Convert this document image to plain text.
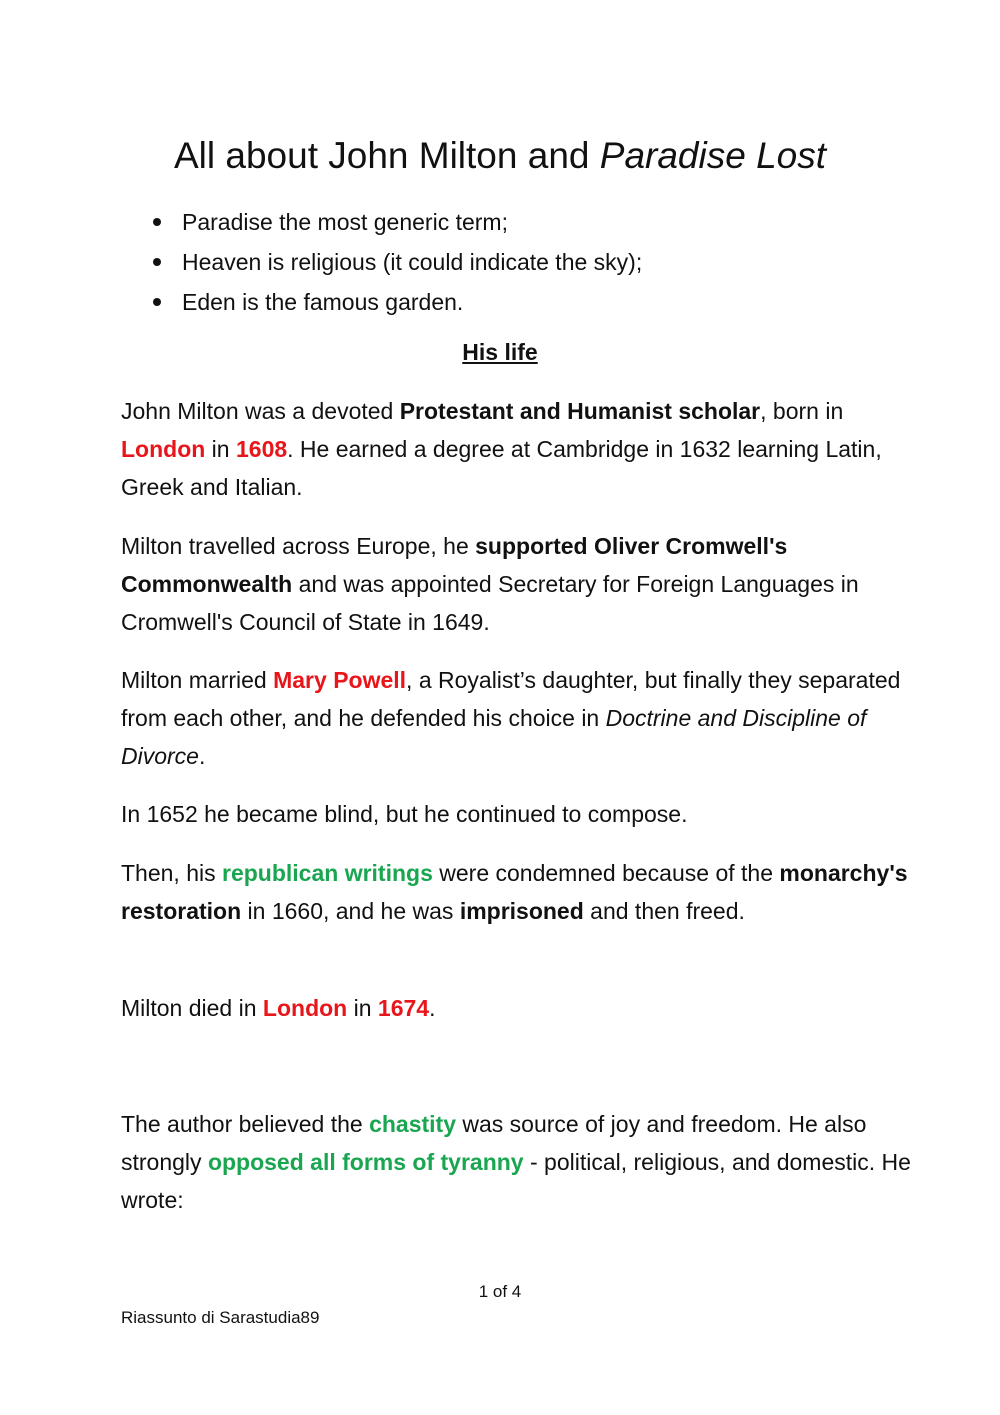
All about John Milton and Paradise Lost
Paradise the most generic term;
Heaven is religious (it could indicate the sky);
Eden is the famous garden.
His life

John Milton was a devoted Protestant and Humanist scholar, born in London in 1608. He earned a degree at Cambridge in 1632 learning Latin, Greek and Italian.

Milton travelled across Europe, he supported Oliver Cromwell's Commonwealth and was appointed Secretary for Foreign Languages in Cromwell's Council of State in 1649.

Milton married Mary Powell, a Royalist’s daughter, but finally they separated from each other, and he defended his choice in Doctrine and Discipline of Divorce.

In 1652 he became blind, but he continued to compose.

Then, his republican writings were condemned because of the monarchy's restoration in 1660, and he was imprisoned and then freed.

Milton died in London in 1674.

The author believed the chastity was source of joy and freedom. He also strongly opposed all forms of tyranny - political, religious, and domestic. He wrote:

1 of 4
Riassunto di Sarastudia89
